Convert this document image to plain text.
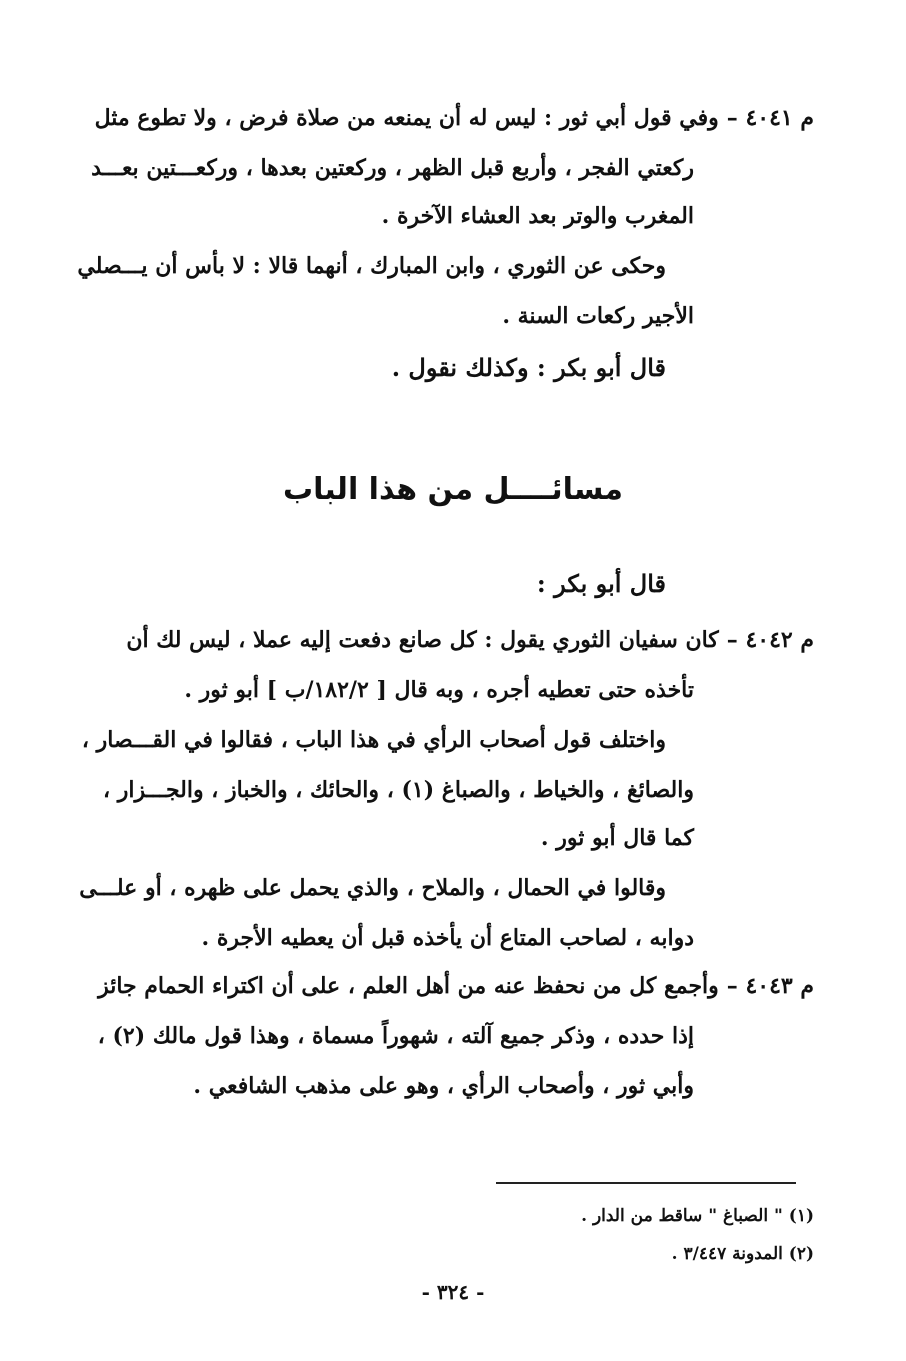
م ٤٠٤١ –وفي قول أبي ثور : ليس له أن يمنعه من صلاة فرض ، ولا تطوع مثل
ركعتي الفجر ، وأربع قبل الظهر ، وركعتين بعدها ، وركعـــتين بعـــد
المغرب والوتر بعد العشاء الآخرة .
وحكى عن الثوري ، وابن المبارك ، أنهما قالا : لا بأس أن يـــصلي
الأجير ركعات السنة .
قال أبو بكر : وكذلك نقول .
مسائــــل من هذا الباب
قال أبو بكر :
م ٤٠٤٢ –كان سفيان الثوري يقول : كل صانع دفعت إليه عملا ، ليس لك أن
تأخذه حتى تعطيه أجره ، وبه قال [ ١٨٢/٢/ب ] أبو ثور .
واختلف قول أصحاب الرأي في هذا الباب ، فقالوا في القـــصار ،
والصائغ ، والخياط ، والصباغ (١) ، والحائك ، والخباز ، والجـــزار ،
كما قال أبو ثور .
وقالوا في الحمال ، والملاح ، والذي يحمل على ظهره ، أو علـــى
دوابه ، لصاحب المتاع أن يأخذه قبل أن يعطيه الأجرة .
م ٤٠٤٣ –وأجمع كل من نحفظ عنه من أهل العلم ، على أن اكتراء الحمام جائز
إذا حدده ، وذكر جميع آلته ، شهوراً مسماة ، وهذا قول مالك (٢) ،
وأبي ثور ، وأصحاب الرأي ، وهو على مذهب الشافعي .
(١) " الصباغ " ساقط من الدار .
(٢) المدونة ٣/٤٤٧ .
- ٣٢٤ -
